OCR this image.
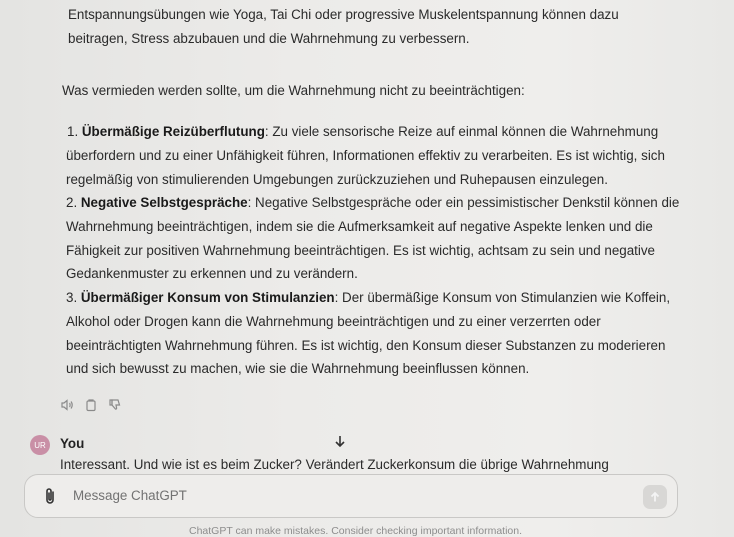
Entspannungsübungen wie Yoga, Tai Chi oder progressive Muskelentspannung können dazu
beitragen, Stress abzubauen und die Wahrnehmung zu verbessern.
Was vermieden werden sollte, um die Wahrnehmung nicht zu beeinträchtigen:
1. Übermäßige Reizüberflutung: Zu viele sensorische Reize auf einmal können die Wahrnehmung
überfordern und zu einer Unfähigkeit führen, Informationen effektiv zu verarbeiten. Es ist wichtig, sich
regelmäßig von stimulierenden Umgebungen zurückzuziehen und Ruhepausen einzulegen.
2. Negative Selbstgespräche: Negative Selbstgespräche oder ein pessimistischer Denkstil können die
Wahrnehmung beeinträchtigen, indem sie die Aufmerksamkeit auf negative Aspekte lenken und die
Fähigkeit zur positiven Wahrnehmung beeinträchtigen. Es ist wichtig, achtsam zu sein und negative
Gedankenmuster zu erkennen und zu verändern.
3. Übermäßiger Konsum von Stimulanzien: Der übermäßige Konsum von Stimulanzien wie Koffein,
Alkohol oder Drogen kann die Wahrnehmung beeinträchtigen und zu einer verzerrten oder
beeinträchtigten Wahrnehmung führen. Es ist wichtig, den Konsum dieser Substanzen zu moderieren
und sich bewusst zu machen, wie sie die Wahrnehmung beeinflussen können.
UR You
Interessant. Und wie ist es beim Zucker? Verändert Zuckerkonsum die übrige Wahrnehmung
Message ChatGPT
ChatGPT can make mistakes. Consider checking important information.
